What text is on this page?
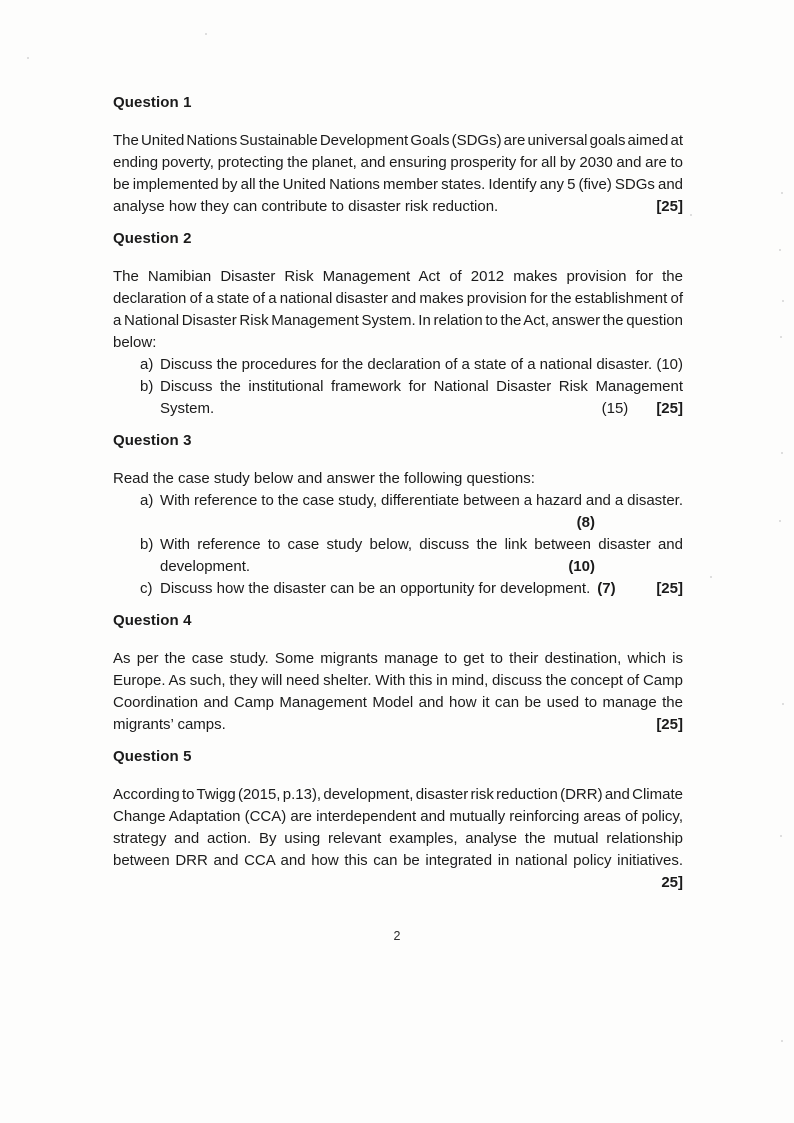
Question 1
The United Nations Sustainable Development Goals (SDGs) are universal goals aimed at
ending poverty, protecting the planet, and ensuring prosperity for all by 2030 and are to
be implemented by all the United Nations member states. Identify any 5 (five) SDGs and
analyse how they can contribute to disaster risk reduction.	[25]
Question 2
The Namibian Disaster Risk Management Act of 2012 makes provision for the
declaration of a state of a national disaster and makes provision for the establishment of
a National Disaster Risk Management System. In relation to the Act, answer the question
below:
a) Discuss the procedures for the declaration of a state of a national disaster. (10)
b) Discuss the institutional framework for National Disaster Risk Management
System.	(15) [25]
Question 3
Read the case study below and answer the following questions:
a) With reference to the case study, differentiate between a hazard and a disaster.
(8)
b) With reference to case study below, discuss the link between disaster and
development.	(10)
c) Discuss how the disaster can be an opportunity for development. (7)	[25]
Question 4
As per the case study. Some migrants manage to get to their destination, which is
Europe. As such, they will need shelter. With this in mind, discuss the concept of Camp
Coordination and Camp Management Model and how it can be used to manage the
migrants’ camps.	[25]
Question 5
According to Twigg (2015, p.13), development, disaster risk reduction (DRR) and Climate
Change Adaptation (CCA) are interdependent and mutually reinforcing areas of policy,
strategy and action. By using relevant examples, analyse the mutual relationship
between DRR and CCA and how this can be integrated in national policy initiatives.
25]
2
